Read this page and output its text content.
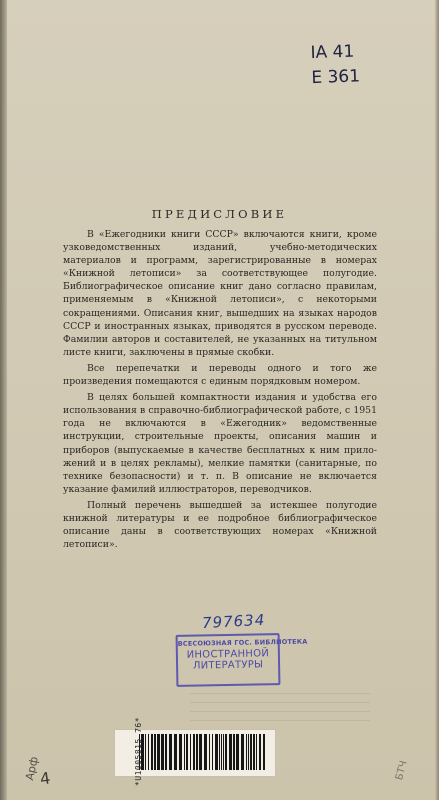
IA 41
E 361
ПРЕДИСЛОВИЕ

В «Ежегодники книги СССР» включаются книги, кроме узковедомственных изданий, учебно-методических материалов и программ, зарегистрированные в номерах «Книжной летописи» за соответствующее полугодие. Библиографическое описание книг дано согласно правилам, применяемым в «Книжной летописи», с некоторыми сокращениями. Описания книг, вышедших на языках народов СССР и иностранных языках, приводятся в русском переводе. Фамилии авторов и составителей, не указанных на титульном листе книги, заключены в прямые скобки.

Все перепечатки и переводы одного и того же произведения помещаются с единым порядковым номером.

В целях большей компактности издания и удобства его использования в справочно-библиографической работе, с 1951 года не включаются в «Ежегодник» ведомственные инструкции, строительные проекты, описания машин и приборов (выпускаемые в качестве бесплатных к ним приложений и в целях рекламы), мелкие памятки (санитарные, по технике безопасности) и т. п. В описание не включается указание фамилий иллюстраторов, переводчиков.

Полный перечень вышедшей за истекшее полугодие книжной литературы и ее подробное библиографическое описание даны в соответствующих номерах «Книжной летописи».

797634
ВСЕСОЮЗНАЯ ГОС. БИБЛИОТЕКА
ИНОСТРАННОЙ
ЛИТЕРАТУРЫ
*U1005815 76*
Арф
4	БТЧ
